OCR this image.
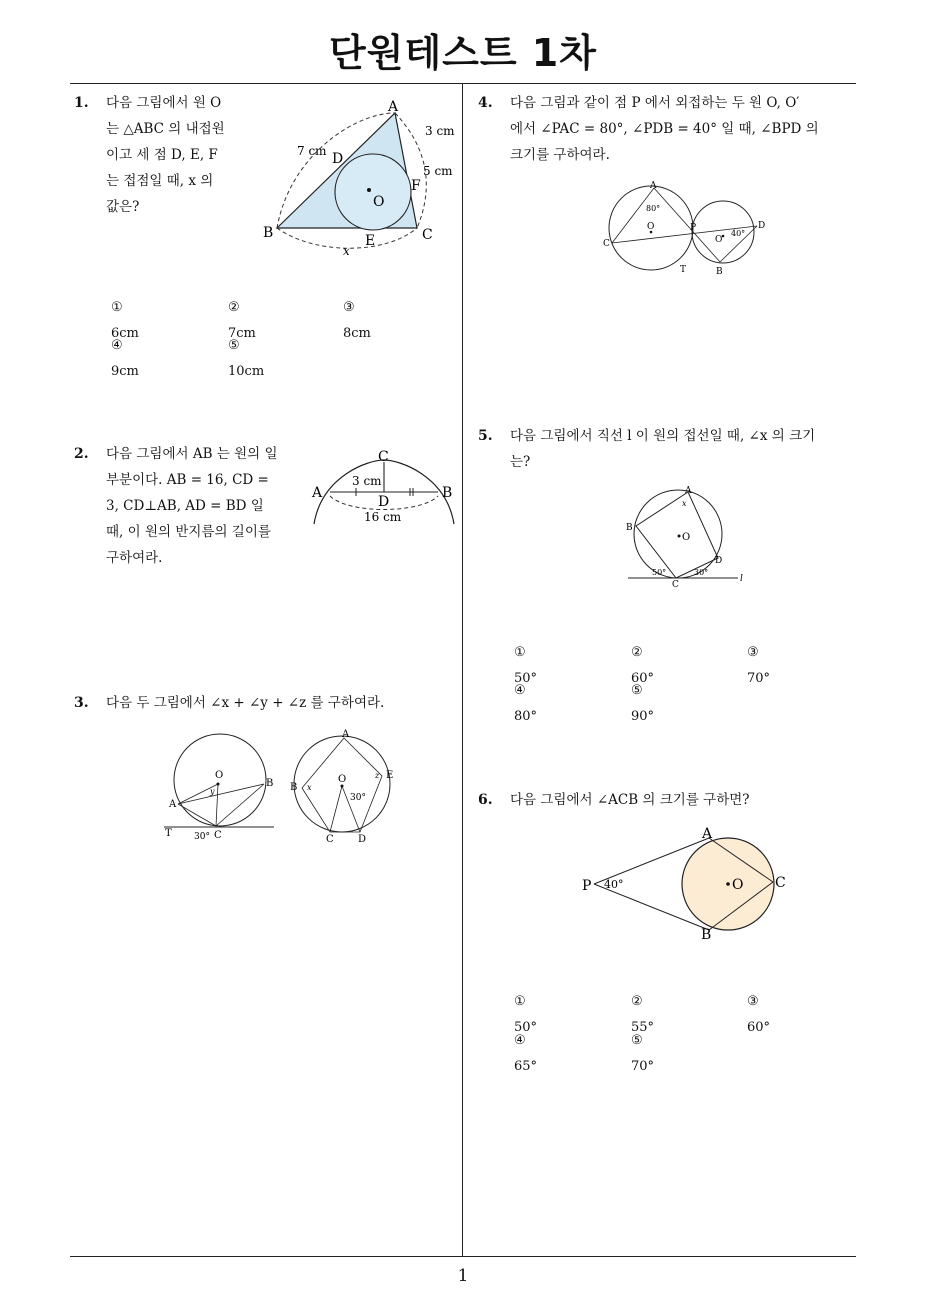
단원테스트 1차
1
1. 다음 그림에서 원 O
는 △ABC 의 내접원
이고 세 점 D, E, F
는 접점일 때, x 의
값은?
A
B	C
D
E
F
O
7 cm
3 cm
5 cm
x
① 6cm
② 7cm
③ 8cm
④ 9cm
⑤ 10cm
2. 다음 그림에서 AB 는 원의 일
부분이다. AB = 16, CD =
3, CD⊥AB, AD = BD 일
때, 이 원의 반지름의 길이를
구하여라.
A	B
C
D
3 cm
16 cm
3. 다음 두 그림에서 ∠x + ∠y + ∠z 를 구하여라.
O
A
B
C
T 30°
y
A
B
C D
E
O
30°
x
z
4. 다음 그림과 같이 점 P 에서 외접하는 두 원 O, O′
에서 ∠PAC = 80°, ∠PDB = 40° 일 때, ∠BPD 의
크기를 구하여라.
A
B
C
D
P
O
O′
T
80°
40°
5. 다음 그림에서 직선 l 이 원의 접선일 때, ∠x 의 크기
는?
A
B
C
D
O
l
x
50°	30°
① 50°
② 60°
③ 70°
④ 80°
⑤ 90°
6. 다음 그림에서 ∠ACB 의 크기를 구하면?
A
B
C
P	O
40°
① 50°
② 55°
③ 60°
④ 65°
⑤ 70°
